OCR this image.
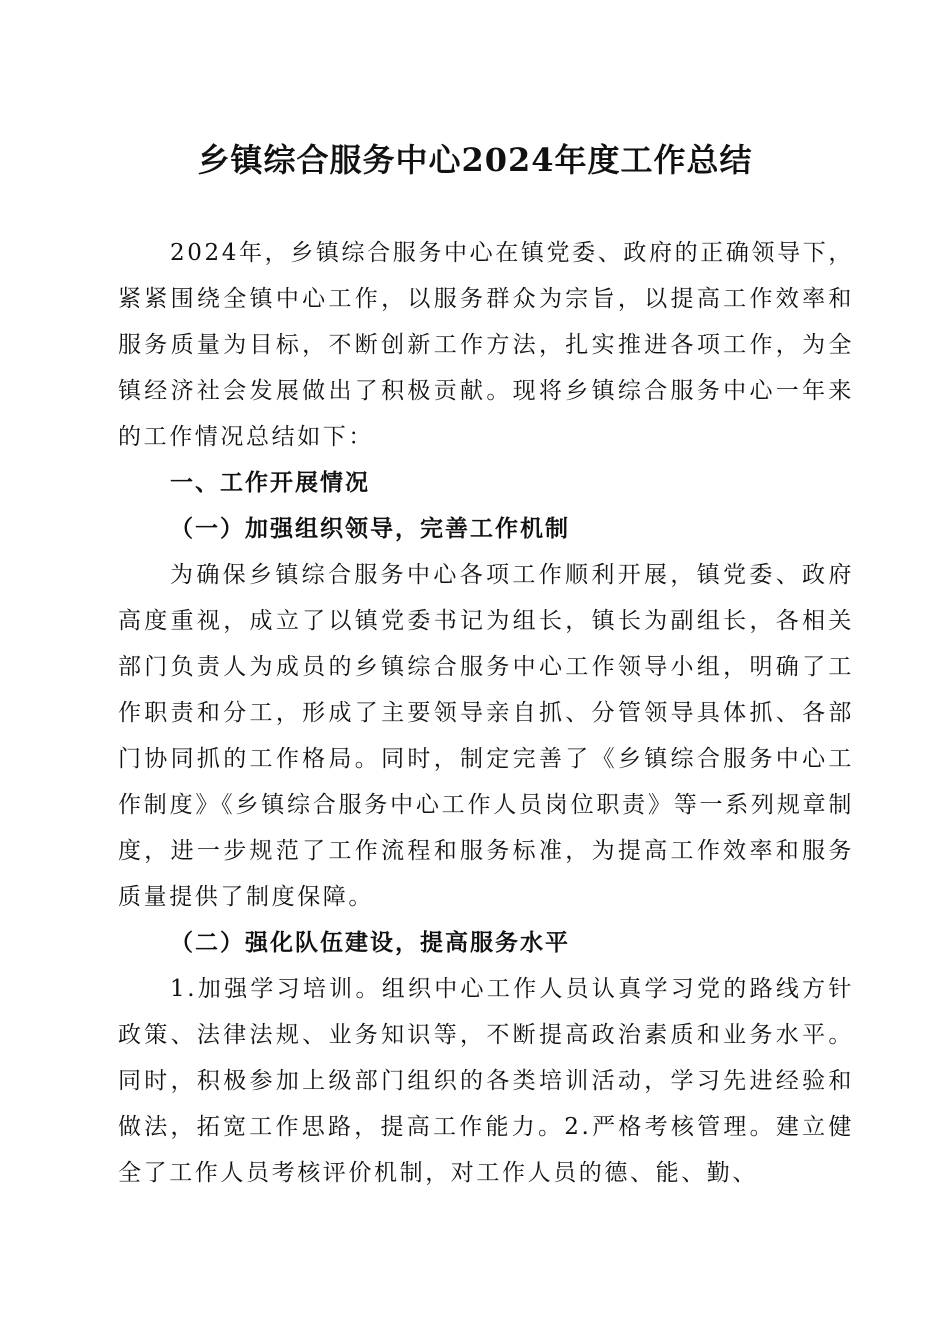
乡镇综合服务中心2024年度工作总结

2024年，乡镇综合服务中心在镇党委、政府的正确领导下，紧紧围绕全镇中心工作，以服务群众为宗旨，以提高工作效率和服务质量为目标，不断创新工作方法，扎实推进各项工作，为全镇经济社会发展做出了积极贡献。现将乡镇综合服务中心一年来的工作情况总结如下：

一、工作开展情况

（一）加强组织领导，完善工作机制

为确保乡镇综合服务中心各项工作顺利开展，镇党委、政府高度重视，成立了以镇党委书记为组长，镇长为副组长，各相关部门负责人为成员的乡镇综合服务中心工作领导小组，明确了工作职责和分工，形成了主要领导亲自抓、分管领导具体抓、各部门协同抓的工作格局。同时，制定完善了《乡镇综合服务中心工作制度》《乡镇综合服务中心工作人员岗位职责》等一系列规章制度，进一步规范了工作流程和服务标准，为提高工作效率和服务质量提供了制度保障。

（二）强化队伍建设，提高服务水平

1.加强学习培训。组织中心工作人员认真学习党的路线方针政策、法律法规、业务知识等，不断提高政治素质和业务水平。同时，积极参加上级部门组织的各类培训活动，学习先进经验和做法，拓宽工作思路，提高工作能力。2.严格考核管理。建立健全了工作人员考核评价机制，对工作人员的德、能、勤、
